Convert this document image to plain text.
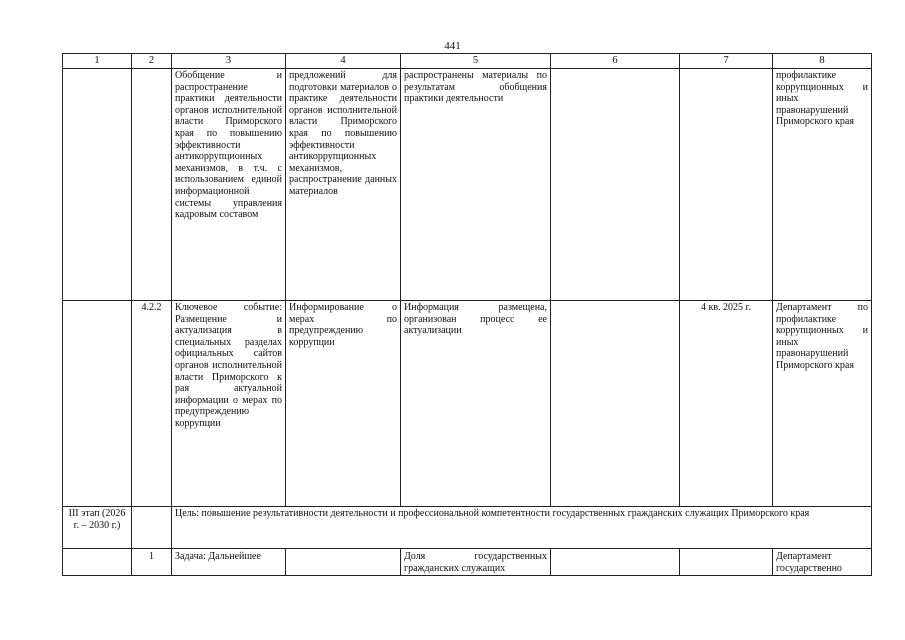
441
1	2	3	4	5	6	7	8
		Обобщение и распространение практики деятельности органов исполнительной власти Приморского края по повышению эффективности антикоррупционных механизмов, в т.ч. с использованием единой информационной системы управления кадровым составом	предложений для подготовки материалов о практике деятельности органов исполнительной власти Приморского края по повышению эффективности антикоррупционных механизмов, распространение данных материалов	распространены материалы по результатам обобщения практики деятельности			профилактике коррупционных и иных правонарушений Приморского края
	4.2.2	Ключевое событие: Размещение и актуализация в специальных разделах официальных сайтов органов исполнительной власти Приморского к рая актуальной информации о мерах по предупреждению коррупции	Информирование о мерах по предупреждению коррупции	Информация размещена, организован процесс ее актуализации		4 кв. 2025 г.	Департамент по профилактике коррупционных и иных правонарушений Приморского края
III этап (2026 г. – 2030 г.)		Цель: повышение результативности деятельности и профессиональной компетентности государственных гражданских служащих Приморского края					
	1	Задача: Дальнейшее		Доля государственных гражданских служащих			Департамент государственно
